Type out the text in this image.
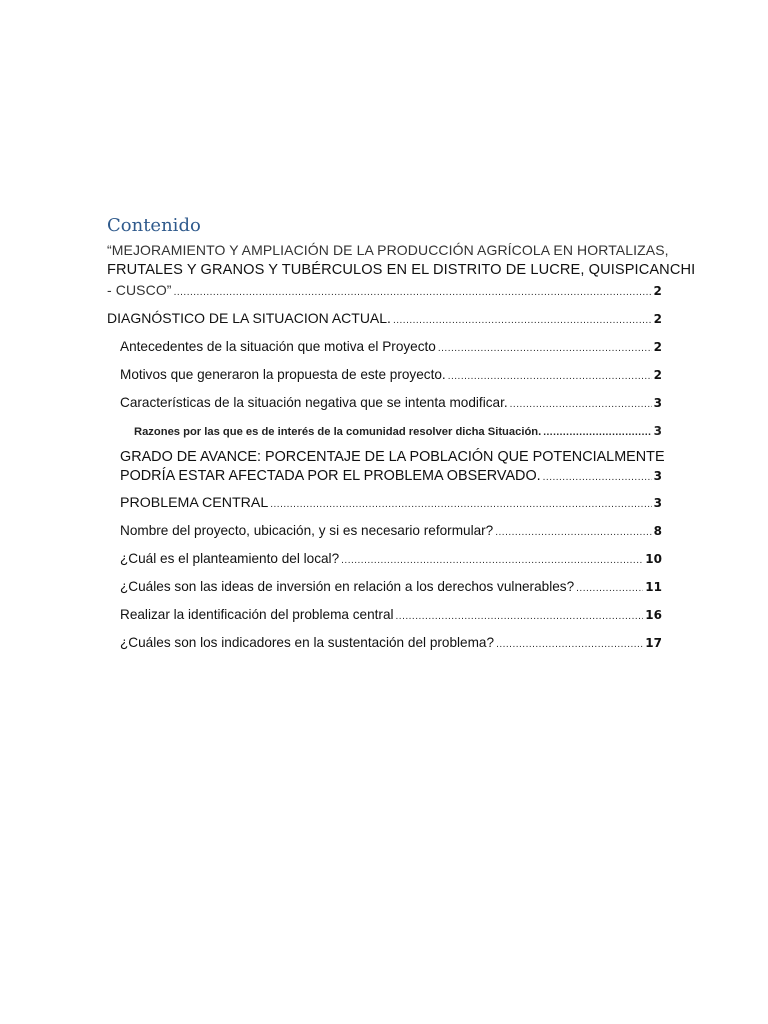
Contenido
“MEJORAMIENTO Y AMPLIACIÓN DE LA PRODUCCIÓN AGRÍCOLA EN HORTALIZAS,
FRUTALES Y GRANOS Y TUBÉRCULOS EN EL DISTRITO DE LUCRE, QUISPICANCHI
- CUSCO” .....	2
DIAGNÓSTICO DE LA SITUACION ACTUAL. .....	2
Antecedentes de la situación que motiva el Proyecto .....	2
Motivos que generaron la propuesta de este proyecto. .....	2
Características de la situación negativa que se intenta modificar. .....	3
Razones por las que es de interés de la comunidad resolver dicha Situación. .....	3
GRADO DE AVANCE: PORCENTAJE DE LA POBLACIÓN QUE POTENCIALMENTE
PODRÍA ESTAR AFECTADA POR EL PROBLEMA OBSERVADO. .....	3
PROBLEMA CENTRAL .....	3
Nombre del proyecto, ubicación, y si es necesario reformular? .....	8
¿Cuál es el planteamiento del local? .....	10
¿Cuáles son las ideas de inversión en relación a los derechos vulnerables? .....	11
Realizar la identificación del problema central .....	16
¿Cuáles son los indicadores en la sustentación del problema? .....	17
